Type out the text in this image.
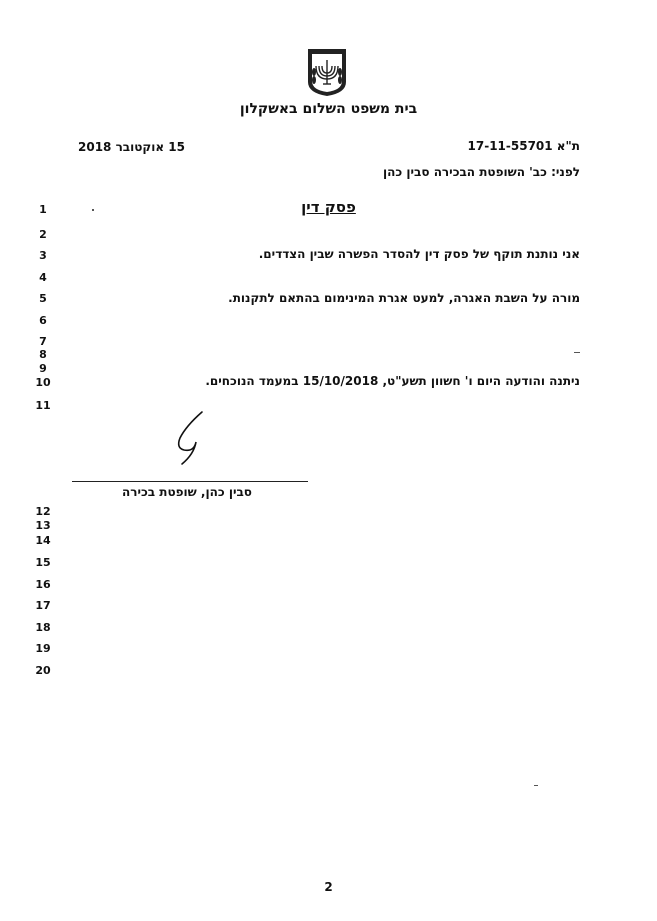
בית משפט השלום באשקלון
ת"א 17-11-55701
15 אוקטובר 2018
לפני: כב' השופטת הבכירה סבין כהן
פסק דין
אני נותנת תוקף של פסק דין להסדר הפשרה שבין הצדדים.
מורה על השבת האגרה, למעט אגרת המינימום בהתאם לתקנות.
ניתנה והודעה היום ו' חשוון תשע"ט, 15/10/2018 במעמד הנוכחים.
1
2
3
4
5
6
7
8
9
10
11
12
13
14
15
16
17
18
19
20
סבין כהן, שופטת בכירה
2
